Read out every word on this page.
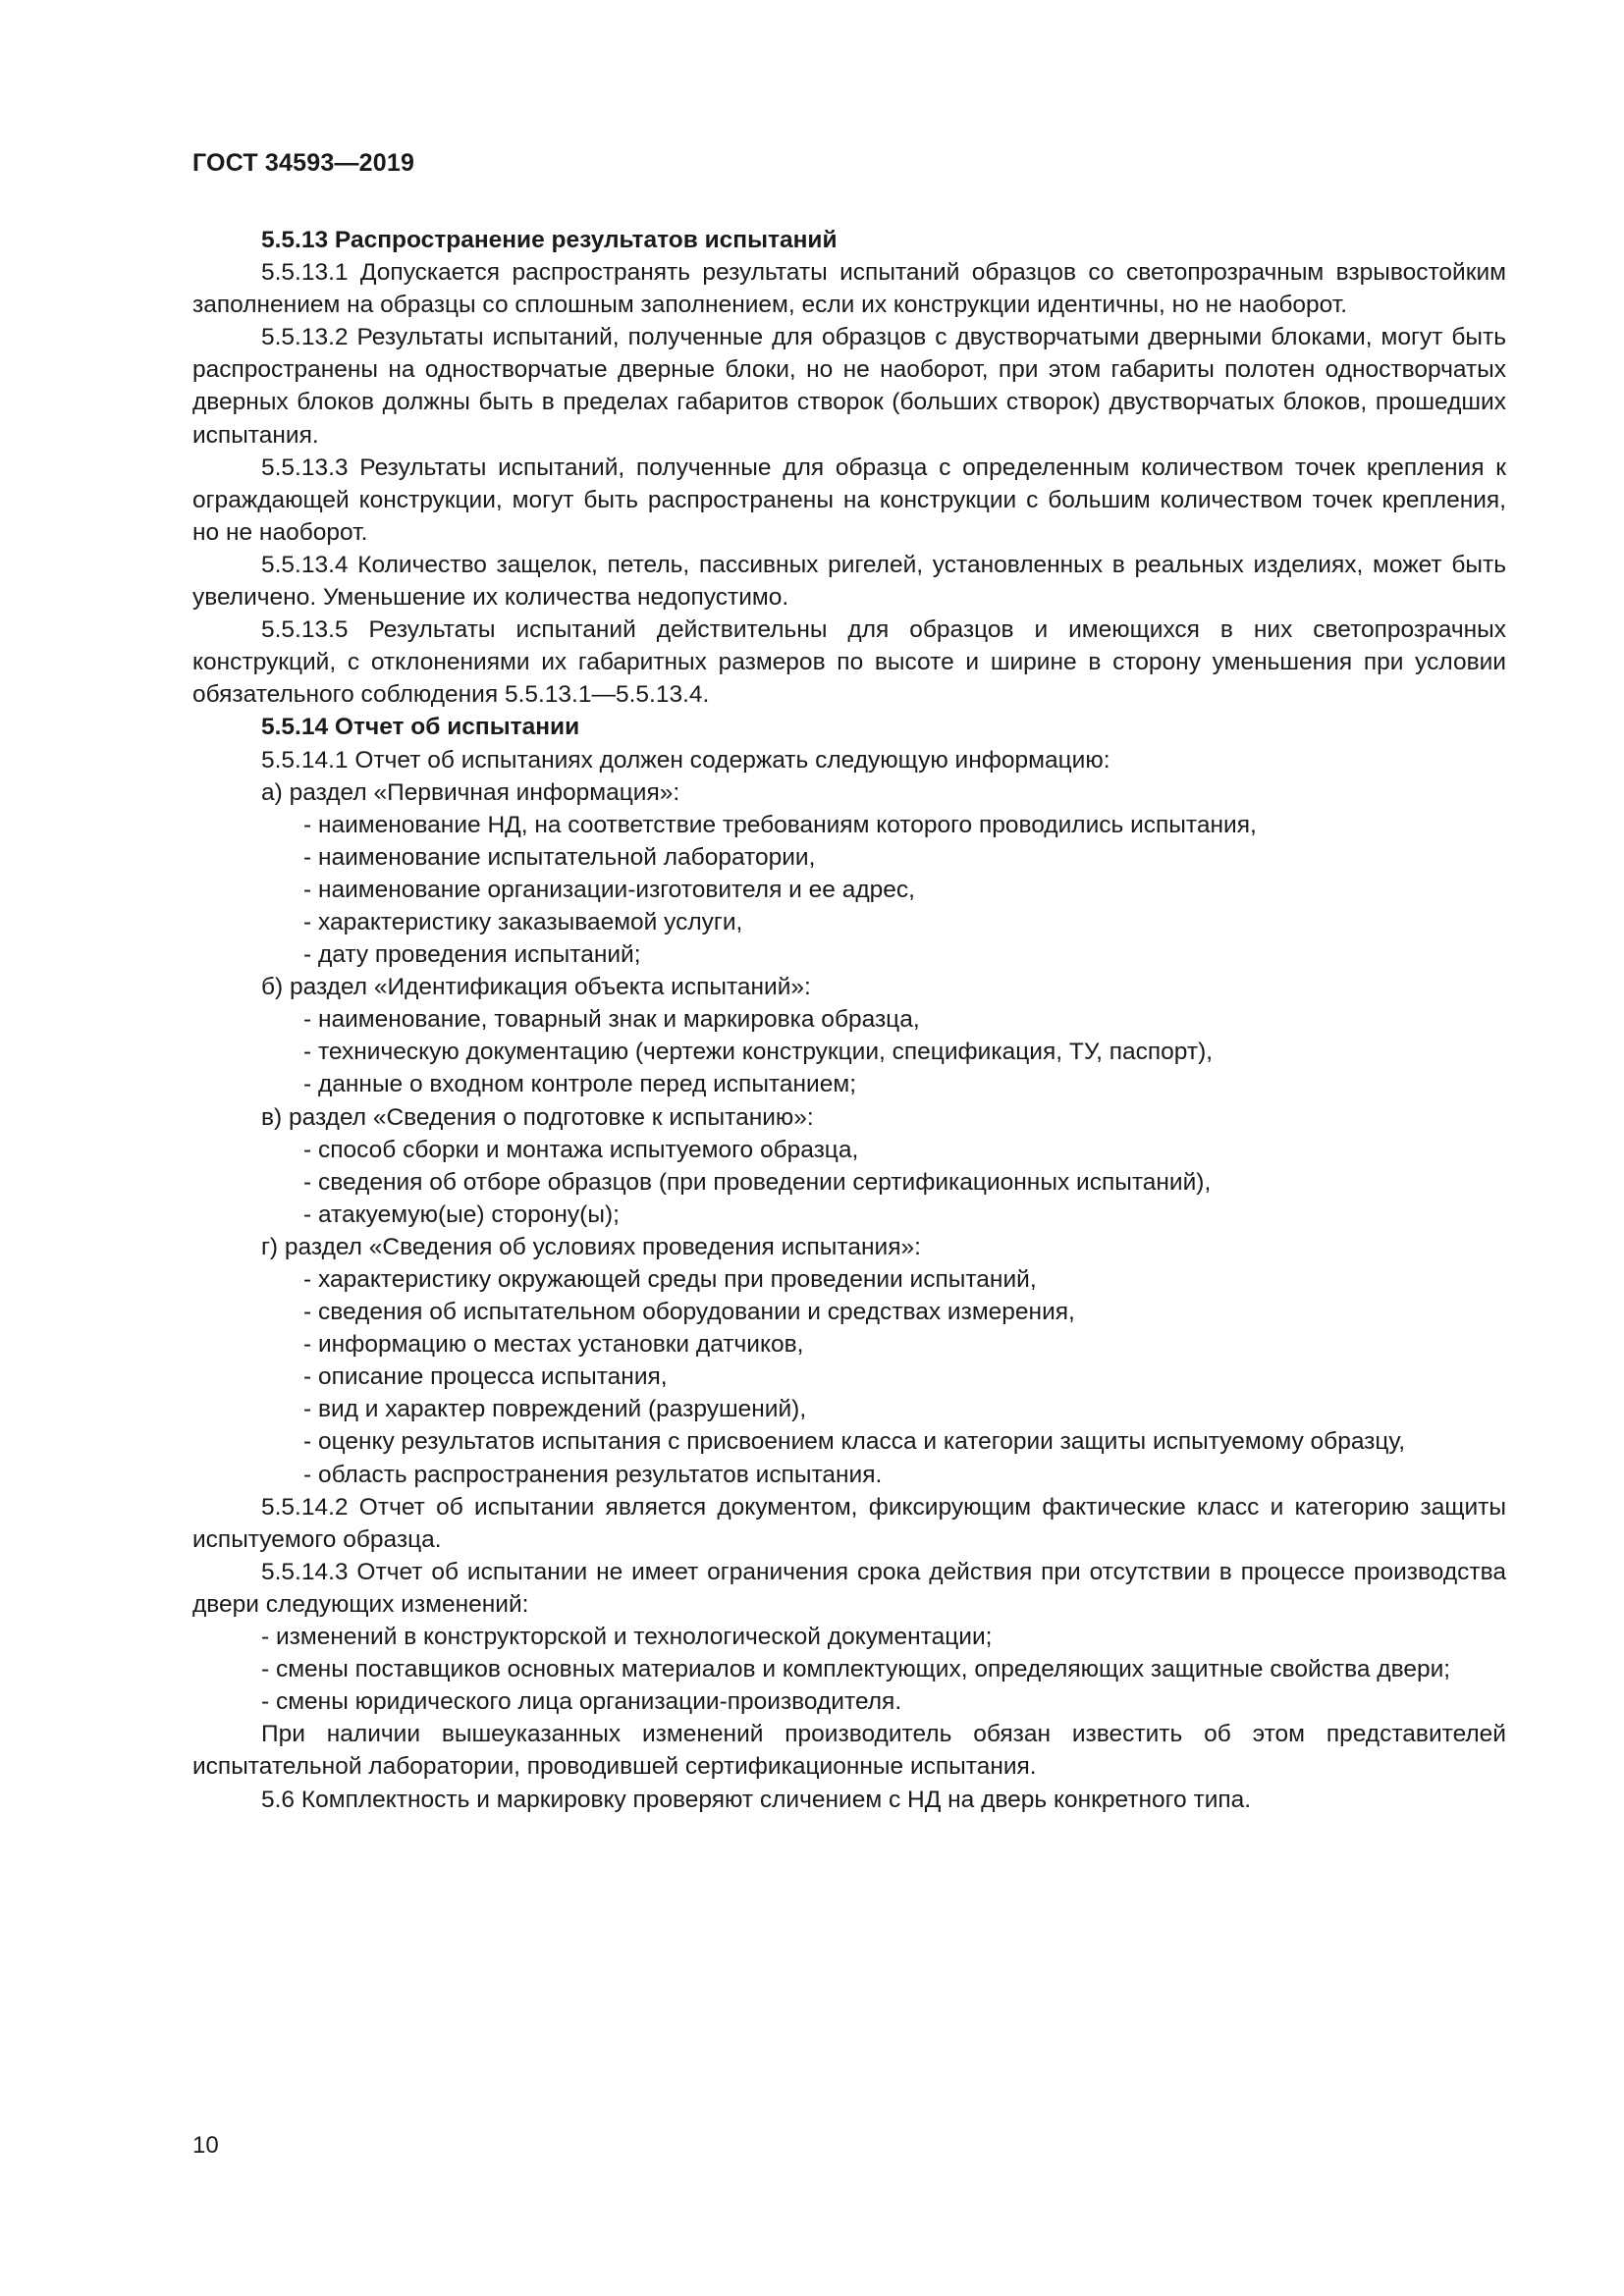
ГОСТ 34593—2019
5.5.13 Распространение результатов испытаний

5.5.13.1 Допускается распространять результаты испытаний образцов со светопрозрачным взрывостойким заполнением на образцы со сплошным заполнением, если их конструкции идентичны, но не наоборот.

5.5.13.2 Результаты испытаний, полученные для образцов с двустворчатыми дверными блоками, могут быть распространены на одностворчатые дверные блоки, но не наоборот, при этом габариты полотен одностворчатых дверных блоков должны быть в пределах габаритов створок (больших створок) двустворчатых блоков, прошедших испытания.

5.5.13.3 Результаты испытаний, полученные для образца с определенным количеством точек крепления к ограждающей конструкции, могут быть распространены на конструкции с большим количеством точек крепления, но не наоборот.

5.5.13.4 Количество защелок, петель, пассивных ригелей, установленных в реальных изделиях, может быть увеличено. Уменьшение их количества недопустимо.

5.5.13.5 Результаты испытаний действительны для образцов и имеющихся в них светопрозрачных конструкций, с отклонениями их габаритных размеров по высоте и ширине в сторону уменьшения при условии обязательного соблюдения 5.5.13.1—5.5.13.4.

5.5.14 Отчет об испытании

5.5.14.1 Отчет об испытаниях должен содержать следующую информацию:

а) раздел «Первичная информация»:
- наименование НД, на соответствие требованиям которого проводились испытания,
- наименование испытательной лаборатории,
- наименование организации-изготовителя и ее адрес,
- характеристику заказываемой услуги,
- дату проведения испытаний;
б) раздел «Идентификация объекта испытаний»:
- наименование, товарный знак и маркировка образца,
- техническую документацию (чертежи конструкции, спецификация, ТУ, паспорт),
- данные о входном контроле перед испытанием;
в) раздел «Сведения о подготовке к испытанию»:
- способ сборки и монтажа испытуемого образца,
- сведения об отборе образцов (при проведении сертификационных испытаний),
- атакуемую(ые) сторону(ы);
г) раздел «Сведения об условиях проведения испытания»:
- характеристику окружающей среды при проведении испытаний,
- сведения об испытательном оборудовании и средствах измерения,
- информацию о местах установки датчиков,
- описание процесса испытания,
- вид и характер повреждений (разрушений),

- оценку результатов испытания с присвоением класса и категории защиты испытуемому образцу,

- область распространения результатов испытания.

5.5.14.2 Отчет об испытании является документом, фиксирующим фактические класс и категорию защиты испытуемого образца.

5.5.14.3 Отчет об испытании не имеет ограничения срока действия при отсутствии в процессе производства двери следующих изменений:

- изменений в конструкторской и технологической документации;

- смены поставщиков основных материалов и комплектующих, определяющих защитные свойства двери;

- смены юридического лица организации-производителя.

При наличии вышеуказанных изменений производитель обязан известить об этом представителей испытательной лаборатории, проводившей сертификационные испытания.

5.6 Комплектность и маркировку проверяют сличением с НД на дверь конкретного типа.

10
